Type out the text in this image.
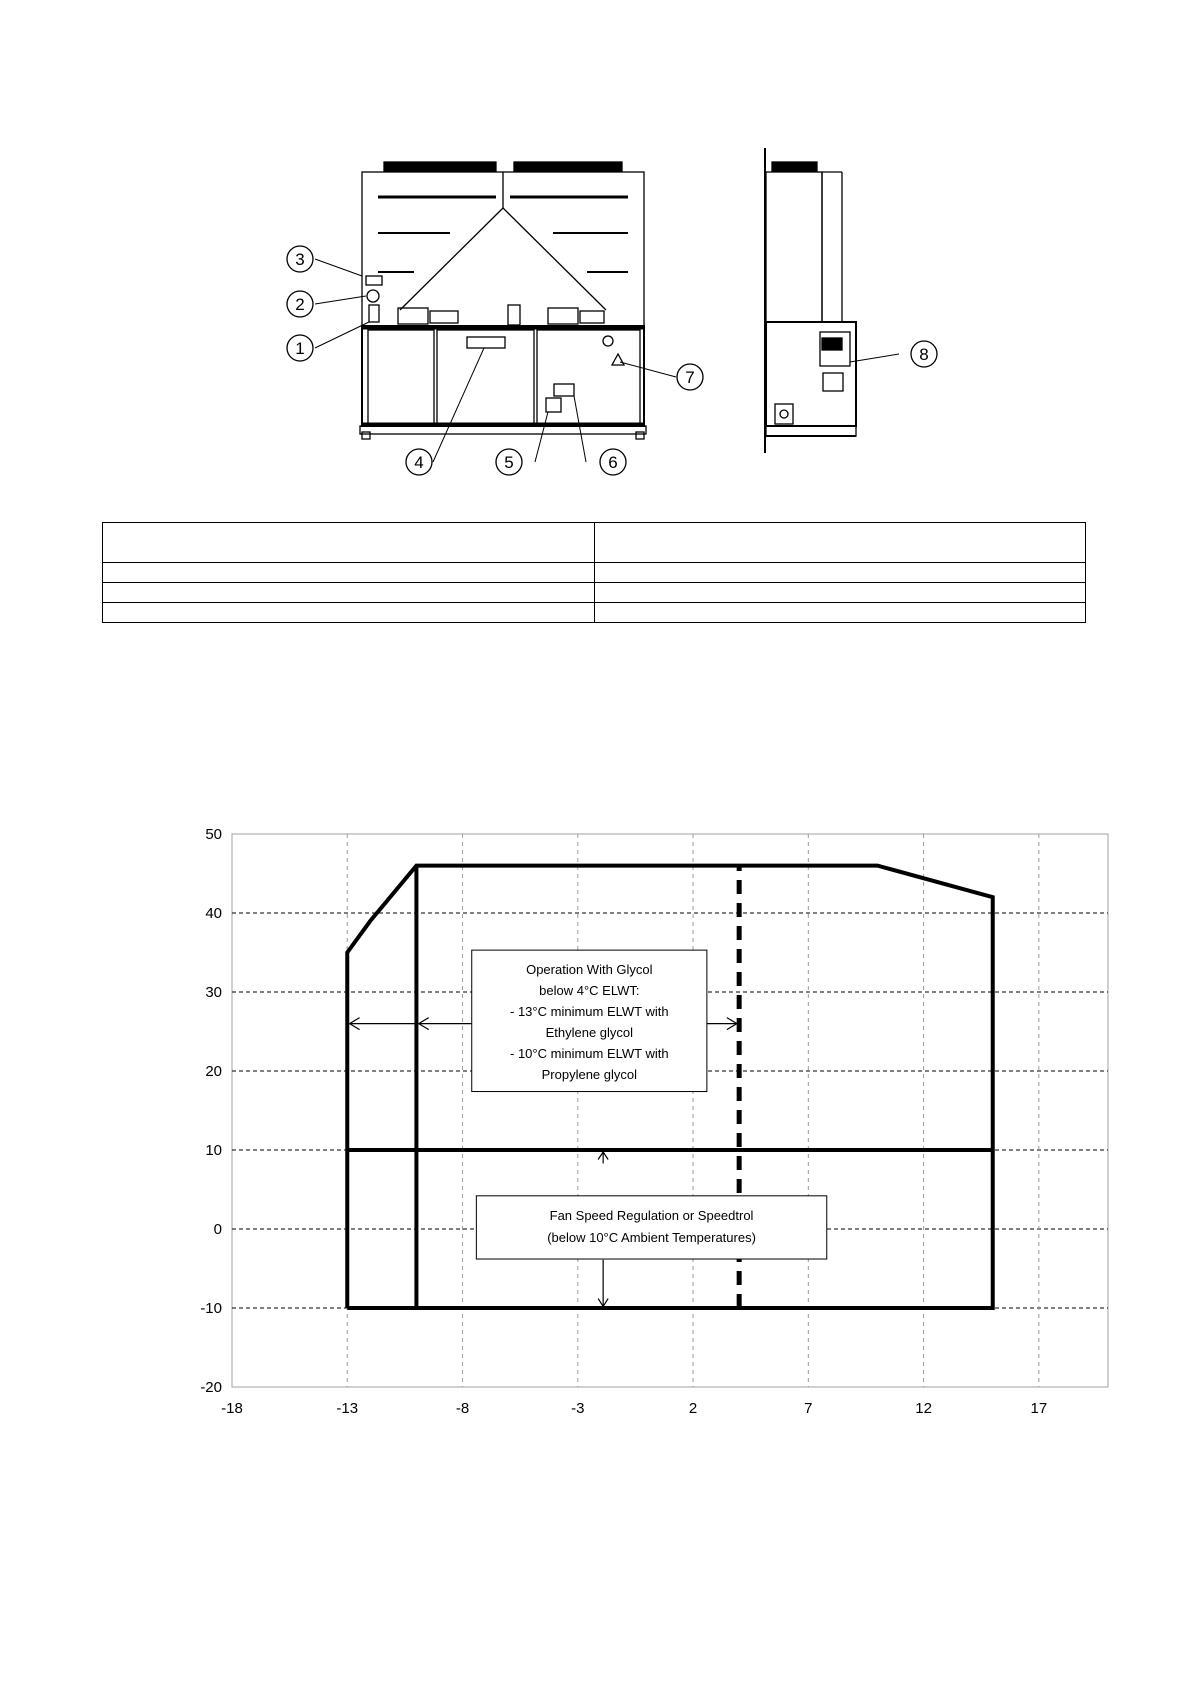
1
2
3
4	5	6
7
8

50
40
30
20
10
0
-10
-20
-18	-13	-8	-3	2	7	12	17
Operation With Glycol
below 4°C ELWT:
- 13°C minimum ELWT with
Ethylene glycol
- 10°C minimum ELWT with
Propylene glycol
Fan Speed Regulation or Speedtrol
(below 10°C Ambient Temperatures)
